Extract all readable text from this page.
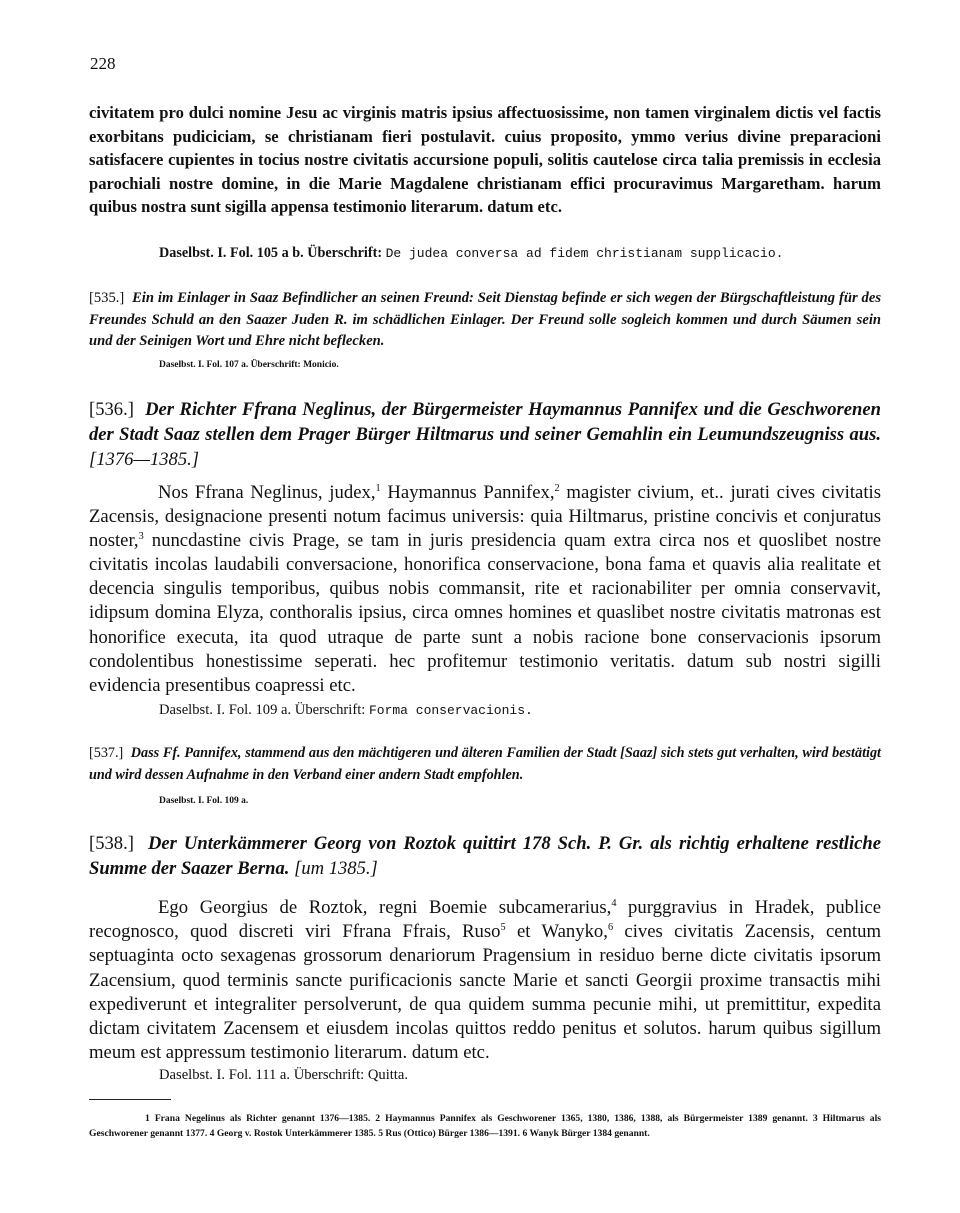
228
civitatem pro dulci nomine Jesu ac virginis matris ipsius affectuosissime, non tamen virginalem dictis vel factis exorbitans pudiciciam, se christianam fieri postulavit. cuius proposito, ymmo verius divine preparacioni satisfacere cupientes in tocius nostre civitatis accursione populi, solitis cautelose circa talia premissis in ecclesia parochiali nostre domine, in die Marie Magdalene christianam effici procuravimus Margaretham. harum quibus nostra sunt sigilla appensa testimonio literarum. datum etc.
Daselbst. I. Fol. 105 a b. Überschrift: De judea conversa ad fidem christianam supplicacio.
[535.] Ein im Einlager in Saaz Befindlicher an seinen Freund: Seit Dienstag befinde er sich wegen der Bürgschaftleistung für des Freundes Schuld an den Saazer Juden R. im schädlichen Einlager. Der Freund solle sogleich kommen und durch Säumen sein und der Seinigen Wort und Ehre nicht beflecken.
Daselbst. I. Fol. 107 a. Überschrift: Monicio.
[536.] Der Richter Ffrana Neglinus, der Bürgermeister Haymannus Pannifex und die Geschworenen der Stadt Saaz stellen dem Prager Bürger Hiltmarus und seiner Gemahlin ein Leumundszeugniss aus. [1376—1385.]
Nos Ffrana Neglinus, judex,$^1$ Haymannus Pannifex,$^2$ magister civium, et.. jurati cives civitatis Zacensis, designacione presenti notum facimus universis: quia Hiltmarus, pristine concivis et conjuratus noster,$^3$ nuncdastine civis Prage, se tam in juris presidencia quam extra circa nos et quoslibet nostre civitatis incolas laudabili conversacione, honorifica conservacione, bona fama et quavis alia realitate et decencia singulis temporibus, quibus nobis commansit, rite et racionabiliter per omnia conservavit, idipsum domina Elyza, conthoralis ipsius, circa omnes homines et quaslibet nostre civitatis matronas est honorifice executa, ita quod utraque de parte sunt a nobis racione bone conservacionis ipsorum condolentibus honestissime seperati. hec profitemur testimonio veritatis. datum sub nostri sigilli evidencia presentibus coapressi etc.
Daselbst. I. Fol. 109 a. Überschrift: Forma conservacionis.
[537.] Dass Ff. Pannifex, stammend aus den mächtigeren und älteren Familien der Stadt [Saaz] sich stets gut verhalten, wird bestätigt und wird dessen Aufnahme in den Verband einer andern Stadt empfohlen.
Daselbst. I. Fol. 109 a.
[538.] Der Unterkämmerer Georg von Roztok quittirt 178 Sch. P. Gr. als richtig erhaltene restliche Summe der Saazer Berna. [um 1385.]
Ego Georgius de Roztok, regni Boemie subcamerarius,$^4$ purggravius in Hradek, publice recognosco, quod discreti viri Ffrana Ffrais, Ruso$^5$ et Wanyko,$^6$ cives civitatis Zacensis, centum septuaginta octo sexagenas grossorum denariorum Pragensium in residuo berne dicte civitatis ipsorum Zacensium, quod terminis sancte purificacionis sancte Marie et sancti Georgii proxime transactis mihi expediverunt et integraliter persolverunt, de qua quidem summa pecunie mihi, ut premittitur, expedita dictam civitatem Zacensem et eiusdem incolas quittos reddo penitus et solutos. harum quibus sigillum meum est appressum testimonio literarum. datum etc.
Daselbst. I. Fol. 111 a. Überschrift: Quitta.
1 Frana Negelinus als Richter genannt 1376—1385. 2 Haymannus Pannifex als Geschworener 1365, 1380, 1386, 1388, als Bürgermeister 1389 genannt. 3 Hiltmarus als Geschworener genannt 1377. 4 Georg v. Rostok Unterkämmerer 1385. 5 Rus (Ottico) Bürger 1386—1391. 6 Wanyk Bürger 1384 genannt.
